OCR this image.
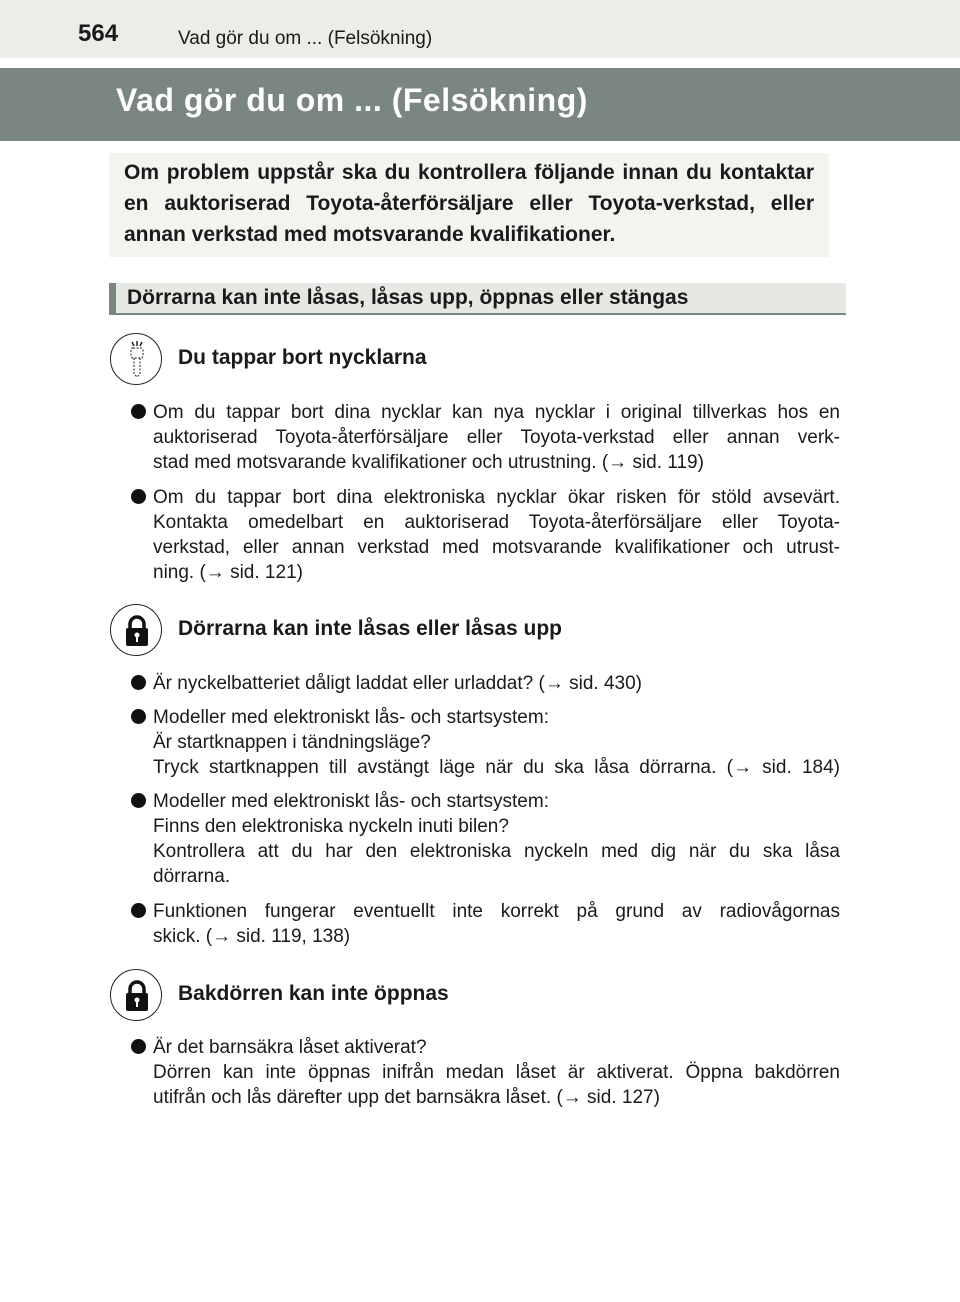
564	Vad gör du om ... (Felsökning)
Vad gör du om ... (Felsökning)
Om problem uppstår ska du kontrollera följande innan du kontaktar en auktoriserad Toyota-återförsäljare eller Toyota-verkstad, eller annan verkstad med motsvarande kvalifikationer.
Dörrarna kan inte låsas, låsas upp, öppnas eller stängas
Du tappar bort nycklarna
Om du tappar bort dina nycklar kan nya nycklar i original tillverkas hos en
auktoriserad Toyota-återförsäljare eller Toyota-verkstad eller annan verk-
stad med motsvarande kvalifikationer och utrustning. (→ sid. 119)
Om du tappar bort dina elektroniska nycklar ökar risken för stöld avsevärt.
Kontakta omedelbart en auktoriserad Toyota-återförsäljare eller Toyota-
verkstad, eller annan verkstad med motsvarande kvalifikationer och utrust-
ning. (→ sid. 121)
Dörrarna kan inte låsas eller låsas upp
Är nyckelbatteriet dåligt laddat eller urladdat? (→ sid. 430)
Modeller med elektroniskt lås- och startsystem:
Är startknappen i tändningsläge?
Tryck startknappen till avstängt läge när du ska låsa dörrarna. (→ sid. 184)
Modeller med elektroniskt lås- och startsystem:
Finns den elektroniska nyckeln inuti bilen?
Kontrollera att du har den elektroniska nyckeln med dig när du ska låsa
dörrarna.
Funktionen fungerar eventuellt inte korrekt på grund av radiovågornas
skick. (→ sid. 119, 138)
Bakdörren kan inte öppnas
Är det barnsäkra låset aktiverat?
Dörren kan inte öppnas inifrån medan låset är aktiverat. Öppna bakdörren
utifrån och lås därefter upp det barnsäkra låset. (→ sid. 127)
